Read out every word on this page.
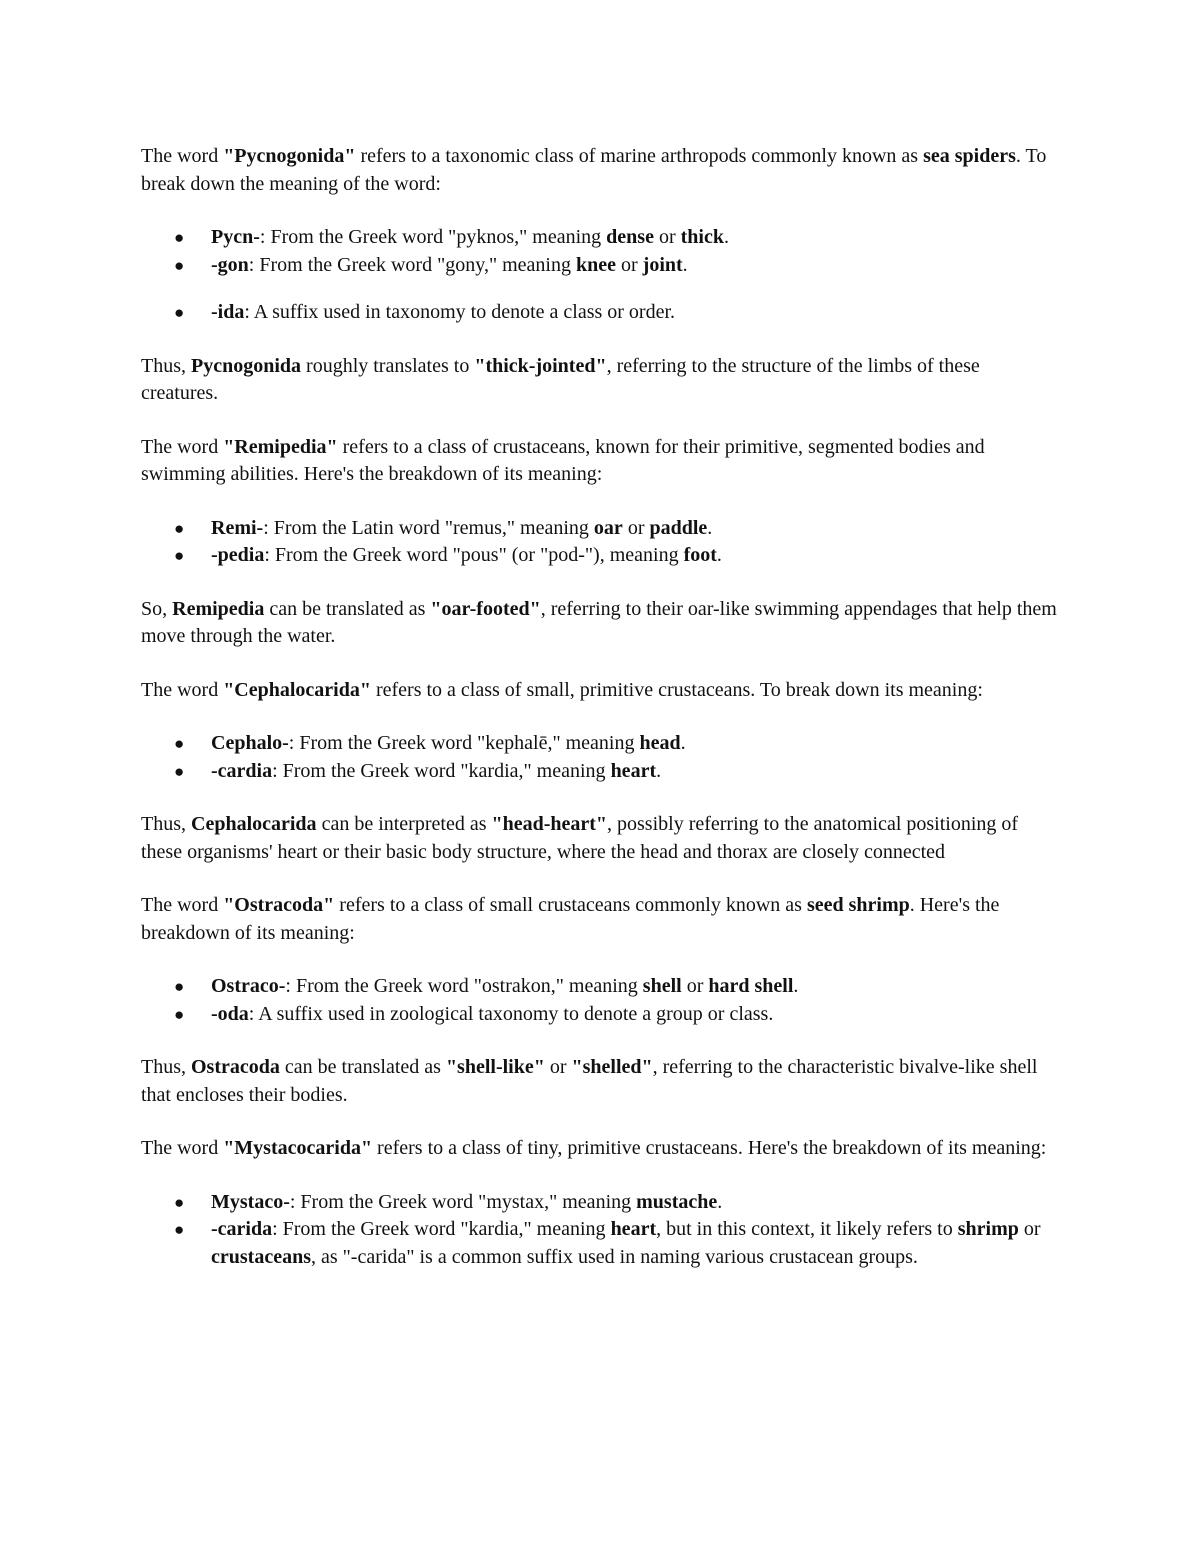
The word "Pycnogonida" refers to a taxonomic class of marine arthropods commonly known as sea spiders. To break down the meaning of the word:

● Pycn-: From the Greek word "pyknos," meaning dense or thick.
● -gon: From the Greek word "gony," meaning knee or joint.
● -ida: A suffix used in taxonomy to denote a class or order.

Thus, Pycnogonida roughly translates to "thick-jointed", referring to the structure of the limbs of these creatures.

The word "Remipedia" refers to a class of crustaceans, known for their primitive, segmented bodies and swimming abilities. Here's the breakdown of its meaning:

● Remi-: From the Latin word "remus," meaning oar or paddle.
● -pedia: From the Greek word "pous" (or "pod-"), meaning foot.

So, Remipedia can be translated as "oar-footed", referring to their oar-like swimming appendages that help them move through the water.

The word "Cephalocarida" refers to a class of small, primitive crustaceans. To break down its meaning:

● Cephalo-: From the Greek word "kephalē," meaning head.
● -cardia: From the Greek word "kardia," meaning heart.

Thus, Cephalocarida can be interpreted as "head-heart", possibly referring to the anatomical positioning of these organisms' heart or their basic body structure, where the head and thorax are closely connected

The word "Ostracoda" refers to a class of small crustaceans commonly known as seed shrimp. Here's the breakdown of its meaning:

● Ostraco-: From the Greek word "ostrakon," meaning shell or hard shell.
● -oda: A suffix used in zoological taxonomy to denote a group or class.

Thus, Ostracoda can be translated as "shell-like" or "shelled", referring to the characteristic bivalve-like shell that encloses their bodies.

The word "Mystacocarida" refers to a class of tiny, primitive crustaceans. Here's the breakdown of its meaning:

● Mystaco-: From the Greek word "mystax," meaning mustache.
● -carida: From the Greek word "kardia," meaning heart, but in this context, it likely refers to shrimp or crustaceans, as "-carida" is a common suffix used in naming various crustacean groups.
